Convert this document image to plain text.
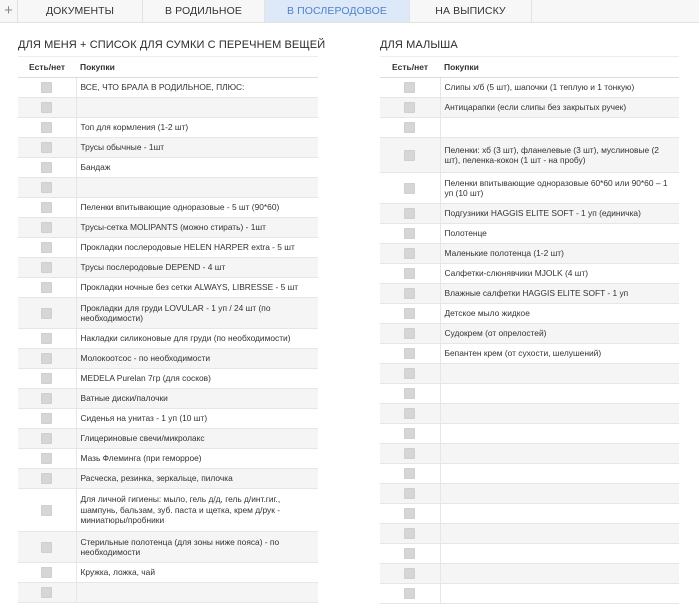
+	ДОКУМЕНТЫ	В РОДИЛЬНОЕ	В ПОСЛЕРОДОВОЕ	НА ВЫПИСКУ
ДЛЯ МЕНЯ + СПИСОК ДЛЯ СУМКИ С ПЕРЕЧНЕМ ВЕЩЕЙ
Есть/нет	Покупки
	ВСЕ, ЧТО БРАЛА В РОДИЛЬНОЕ, ПЛЮС:

	Топ для кормления (1-2 шт)
	Трусы обычные - 1шт
	Бандаж

	Пеленки впитывающие одноразовые - 5 шт (90*60)
	Трусы-сетка MOLIPANTS (можно стирать) - 1шт
	Прокладки послеродовые HELEN HARPER extra - 5 шт
	Трусы послеродовые DEPEND - 4 шт
	Прокладки ночные без сетки ALWAYS, LIBRESSE - 5 шт
	Прокладки для груди LOVULAR - 1 уп / 24 шт (по необходимости)
	Накладки силиконовые для груди (по необходимости)
	Молокоотсос - по необходимости
	MEDELA Purelan 7гр (для сосков)
	Ватные диски/палочки
	Сиденья на унитаз - 1 уп (10 шт)
	Глицериновые свечи/микролакс
	Мазь Флеминга (при геморрое)
	Расческа, резинка, зеркальце, пилочка
	Для личной гигиены: мыло, гель д/д, гель д/инт.гиг., шампунь, бальзам, зуб. паста и щетка, крем д/рук - миниатюры/пробники
	Стерильные полотенца (для зоны ниже пояса) - по необходимости
	Кружка, ложка, чай

ДЛЯ МАЛЫША
Есть/нет	Покупки
	Слипы х/б (5 шт), шапочки (1 теплую и 1 тонкую)
	Антицарапки (если слипы без закрытых ручек)

	Пеленки: хб (3 шт), фланелевые (3 шт), муслиновые (2 шт), пеленка-кокон (1 шт - на пробу)
	Пеленки впитывающие одноразовые 60*60 или 90*60 – 1 уп (10 шт)
	Подгузники HAGGIS ELITE SOFT - 1 уп (единичка)
	Полотенце
	Маленькие полотенца (1-2 шт)
	Салфетки-слюнявчики MJOLK (4 шт)
	Влажные салфетки HAGGIS ELITE SOFT - 1 уп
	Детское мыло жидкое
	Судокрем (от опрелостей)
	Бепантен крем (от сухости, шелушений)
